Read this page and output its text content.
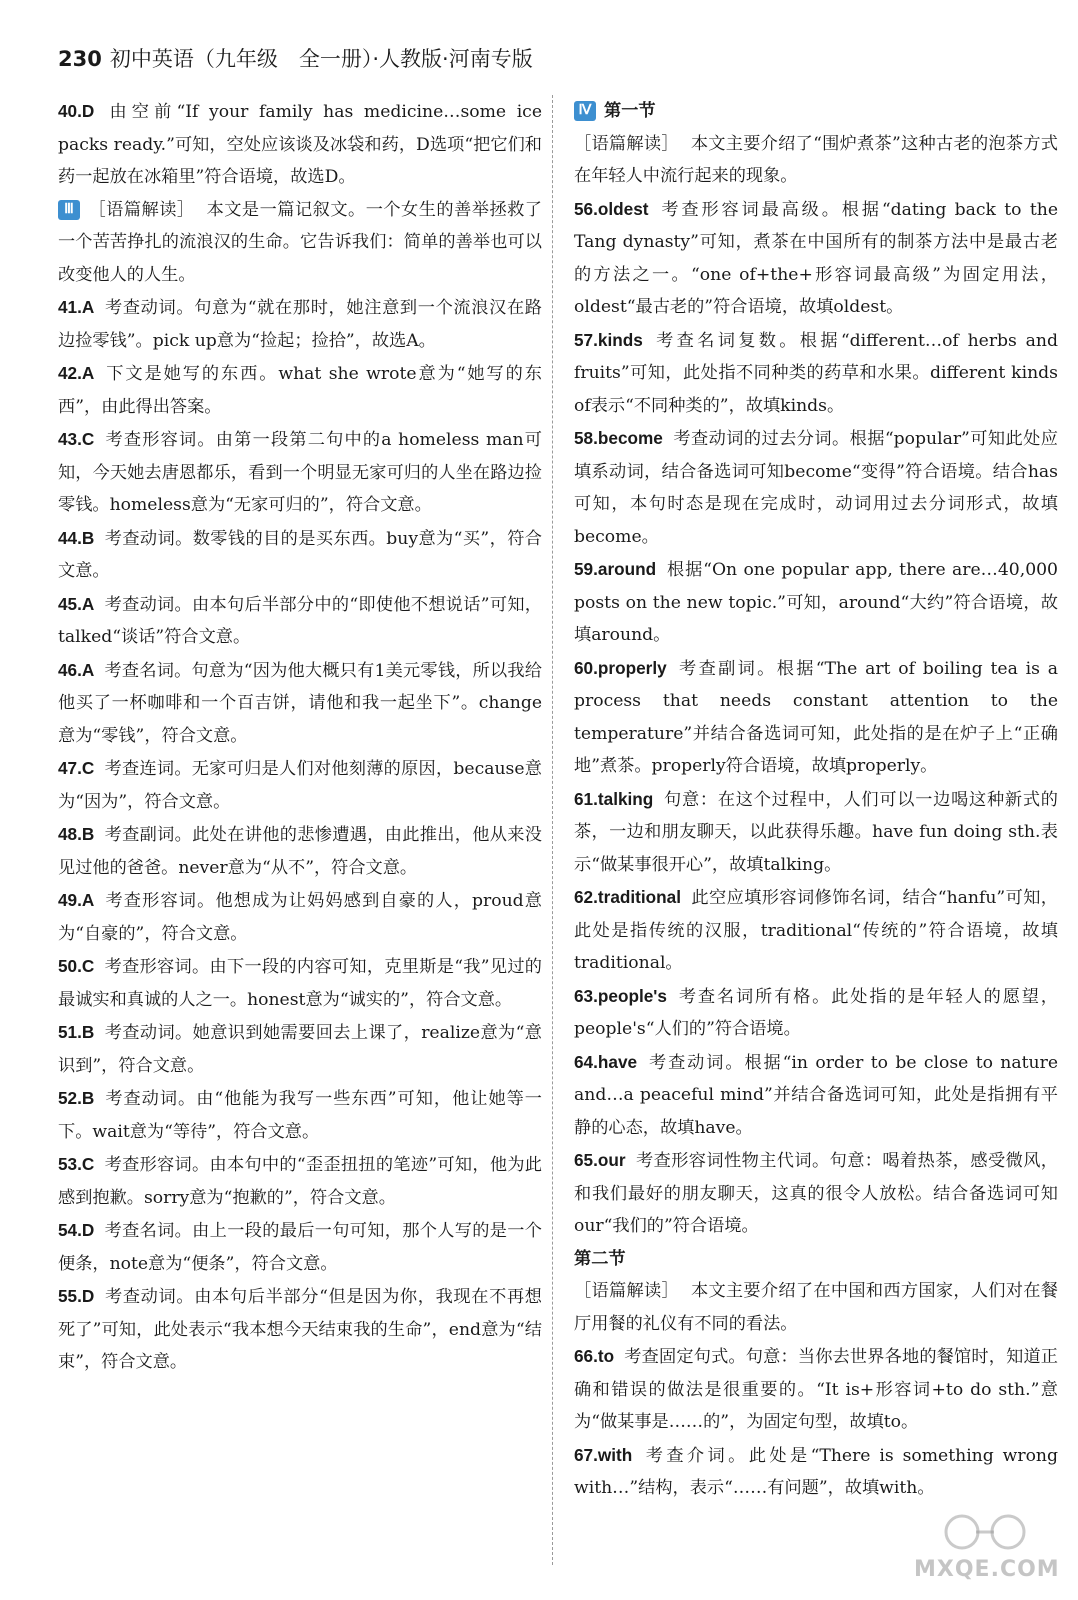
230 初中英语（九年级　全一册）·人教版·河南专版

40.D 由空前“If your family has medicine…some ice packs ready.”可知，空处应该谈及冰袋和药，D选项“把它们和药一起放在冰箱里”符合语境，故选D。

Ⅲ ［语篇解读］ 本文是一篇记叙文。一个女生的善举拯救了一个苦苦挣扎的流浪汉的生命。它告诉我们：简单的善举也可以改变他人的人生。

41.A 考查动词。句意为“就在那时，她注意到一个流浪汉在路边捡零钱”。pick up意为“捡起；捡拾”，故选A。

42.A 下文是她写的东西。what she wrote意为“她写的东西”，由此得出答案。

43.C 考查形容词。由第一段第二句中的a homeless man可知，今天她去唐恩都乐，看到一个明显无家可归的人坐在路边捡零钱。homeless意为“无家可归的”，符合文意。

44.B 考查动词。数零钱的目的是买东西。buy意为“买”，符合文意。

45.A 考查动词。由本句后半部分中的“即使他不想说话”可知，talked“谈话”符合文意。

46.A 考查名词。句意为“因为他大概只有1美元零钱，所以我给他买了一杯咖啡和一个百吉饼，请他和我一起坐下”。change意为“零钱”，符合文意。

47.C 考查连词。无家可归是人们对他刻薄的原因，because意为“因为”，符合文意。

48.B 考查副词。此处在讲他的悲惨遭遇，由此推出，他从来没见过他的爸爸。never意为“从不”，符合文意。

49.A 考查形容词。他想成为让妈妈感到自豪的人，proud意为“自豪的”，符合文意。

50.C 考查形容词。由下一段的内容可知，克里斯是“我”见过的最诚实和真诚的人之一。honest意为“诚实的”，符合文意。

51.B 考查动词。她意识到她需要回去上课了，realize意为“意识到”，符合文意。

52.B 考查动词。由“他能为我写一些东西”可知，他让她等一下。wait意为“等待”，符合文意。

53.C 考查形容词。由本句中的“歪歪扭扭的笔迹”可知，他为此感到抱歉。sorry意为“抱歉的”，符合文意。

54.D 考查名词。由上一段的最后一句可知，那个人写的是一个便条，note意为“便条”，符合文意。

55.D 考查动词。由本句后半部分“但是因为你，我现在不再想死了”可知，此处表示“我本想今天结束我的生命”，end意为“结束”，符合文意。

Ⅳ 第一节

［语篇解读］ 本文主要介绍了“围炉煮茶”这种古老的泡茶方式在年轻人中流行起来的现象。

56.oldest 考查形容词最高级。根据“dating back to the Tang dynasty”可知，煮茶在中国所有的制茶方法中是最古老的方法之一。“one of+the+形容词最高级”为固定用法，oldest“最古老的”符合语境，故填oldest。

57.kinds 考查名词复数。根据“different…of herbs and fruits”可知，此处指不同种类的药草和水果。different kinds of表示“不同种类的”，故填kinds。

58.become 考查动词的过去分词。根据“popular”可知此处应填系动词，结合备选词可知become“变得”符合语境。结合has可知，本句时态是现在完成时，动词用过去分词形式，故填become。

59.around 根据“On one popular app, there are…40,000 posts on the new topic.”可知，around“大约”符合语境，故填around。

60.properly 考查副词。根据“The art of boiling tea is a process that needs constant attention to the temperature”并结合备选词可知，此处指的是在炉子上“正确地”煮茶。properly符合语境，故填properly。

61.talking 句意：在这个过程中，人们可以一边喝这种新式的茶，一边和朋友聊天，以此获得乐趣。have fun doing sth.表示“做某事很开心”，故填talking。

62.traditional 此空应填形容词修饰名词，结合“hanfu”可知，此处是指传统的汉服，traditional“传统的”符合语境，故填traditional。

63.people's 考查名词所有格。此处指的是年轻人的愿望，people's“人们的”符合语境。

64.have 考查动词。根据“in order to be close to nature and…a peaceful mind”并结合备选词可知，此处是指拥有平静的心态，故填have。

65.our 考查形容词性物主代词。句意：喝着热茶，感受微风，和我们最好的朋友聊天，这真的很令人放松。结合备选词可知our“我们的”符合语境。

第二节

［语篇解读］ 本文主要介绍了在中国和西方国家，人们对在餐厅用餐的礼仪有不同的看法。

66.to 考查固定句式。句意：当你去世界各地的餐馆时，知道正确和错误的做法是很重要的。“It is+形容词+to do sth.”意为“做某事是……的”，为固定句型，故填to。

67.with 考查介词。此处是“There is something wrong with…”结构，表示“……有问题”，故填with。

MXQE.COM
